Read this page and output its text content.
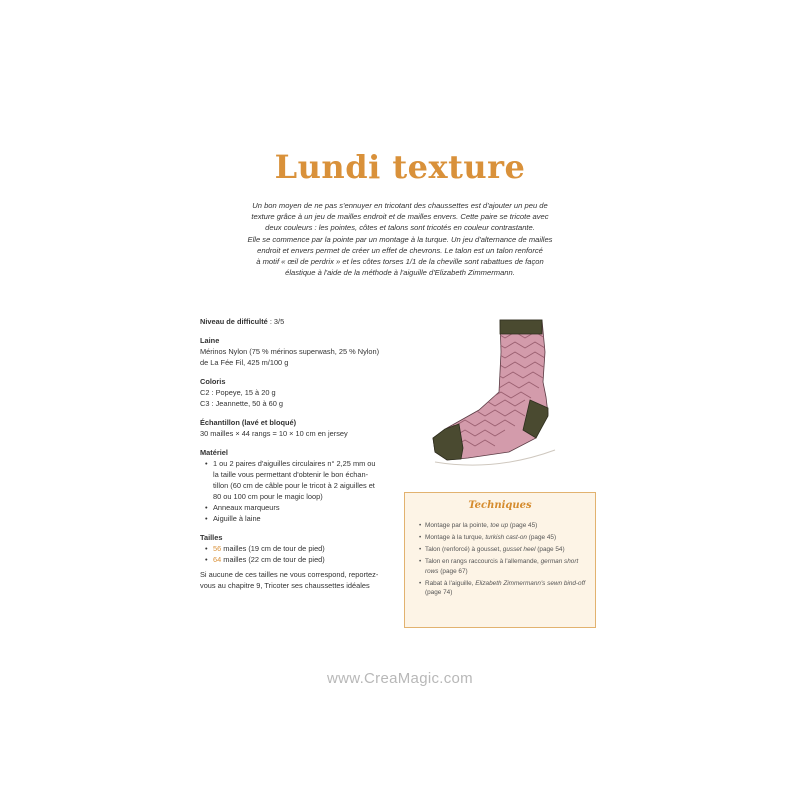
Lundi texture

Un bon moyen de ne pas s'ennuyer en tricotant des chaussettes est d'ajouter un peu de

texture grâce à un jeu de mailles endroit et de mailles envers. Cette paire se tricote avec

deux couleurs : les pointes, côtes et talons sont tricotés en couleur contrastante.

Elle se commence par la pointe par un montage à la turque. Un jeu d'alternance de mailles

endroit et envers permet de créer un effet de chevrons. Le talon est un talon renforcé

à motif « œil de perdrix » et les côtes torses 1/1 de la cheville sont rabattues de façon

élastique à l'aide de la méthode à l'aiguille d'Elizabeth Zimmermann.

Niveau de difficulté : 3/5
Laine
Mérinos Nylon (75 % mérinos superwash, 25 % Nylon)
de La Fée Fil, 425 m/100 g
Coloris
C2 : Popeye, 15 à 20 g
C3 : Jeannette, 50 à 60 g
Échantillon (lavé et bloqué)
30 mailles × 44 rangs = 10 × 10 cm en jersey
Matériel
• 1 ou 2 paires d'aiguilles circulaires n° 2,25 mm ou
la taille vous permettant d'obtenir le bon échan-
tillon (60 cm de câble pour le tricot à 2 aiguilles et
80 ou 100 cm pour le magic loop)
• Anneaux marqueurs
• Aiguille à laine
Tailles
• 56 mailles (19 cm de tour de pied)
• 64 mailles (22 cm de tour de pied)
Si aucune de ces tailles ne vous correspond, reportez-
vous au chapitre 9, Tricoter ses chaussettes idéales
Techniques
• Montage par la pointe, toe up (page 45)
• Montage à la turque, turkish cast-on (page 45)
• Talon (renforcé) à gousset, gusset heel (page 54)
• Talon en rangs raccourcis à l'allemande, german short rows (page 67)
• Rabat à l'aiguille, Elizabeth Zimmermann's sewn bind-off (page 74)
www.CreaMagic.com
